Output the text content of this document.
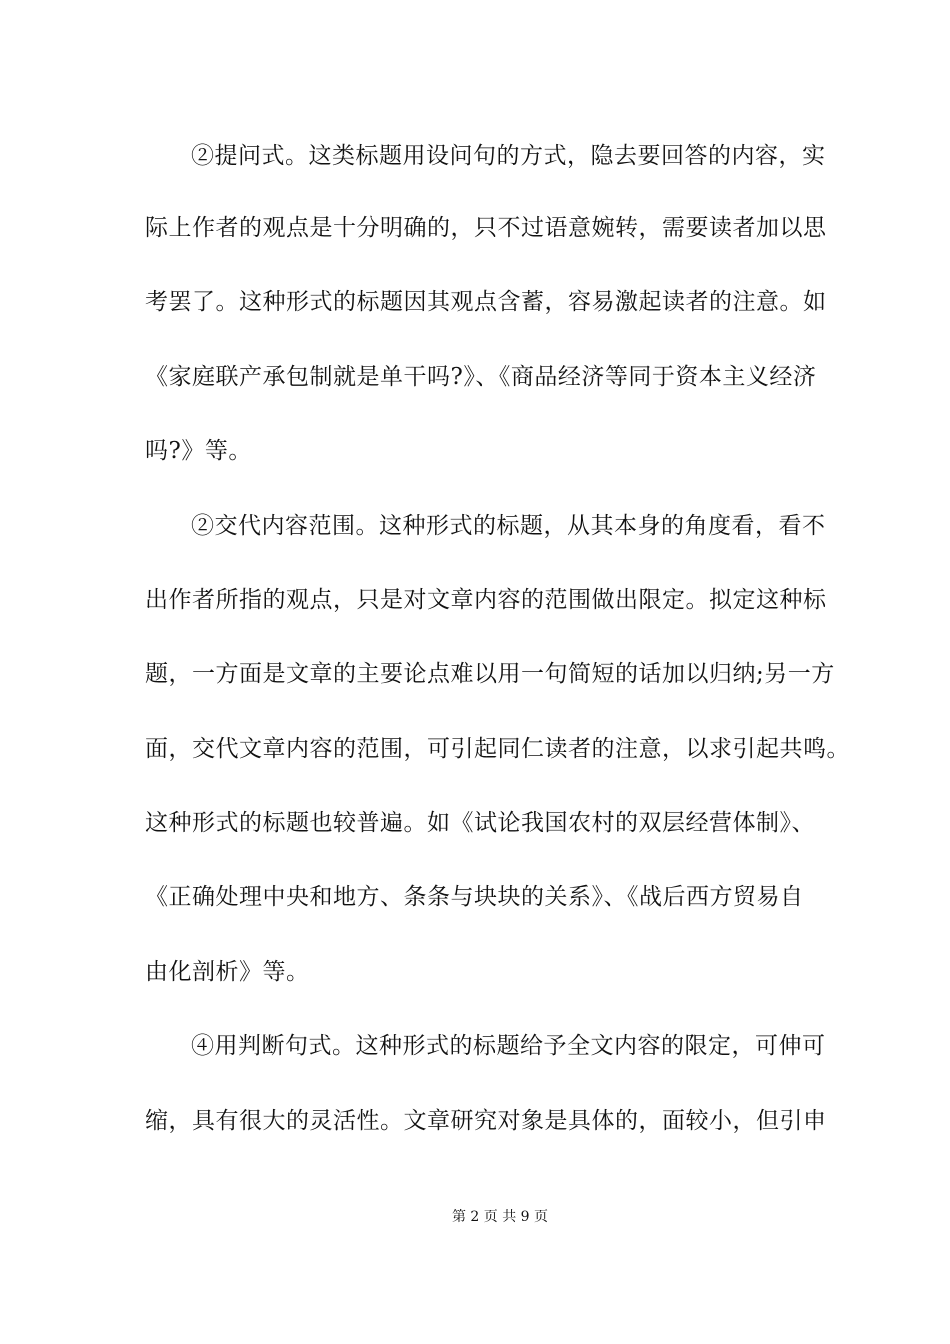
②提问式。这类标题用设问句的方式，隐去要回答的内容，实
际上作者的观点是十分明确的，只不过语意婉转，需要读者加以思
考罢了。这种形式的标题因其观点含蓄，容易激起读者的注意。如
《家庭联产承包制就是单干吗?》、《商品经济等同于资本主义经济
吗?》等。
②交代内容范围。这种形式的标题，从其本身的角度看，看不
出作者所指的观点，只是对文章内容的范围做出限定。拟定这种标
题，一方面是文章的主要论点难以用一句简短的话加以归纳;另一方
面，交代文章内容的范围，可引起同仁读者的注意，以求引起共鸣。
这种形式的标题也较普遍。如《试论我国农村的双层经营体制》、
《正确处理中央和地方、条条与块块的关系》、《战后西方贸易自
由化剖析》等。
④用判断句式。这种形式的标题给予全文内容的限定，可伸可
缩，具有很大的灵活性。文章研究对象是具体的，面较小，但引申
第 2 页 共 9 页
